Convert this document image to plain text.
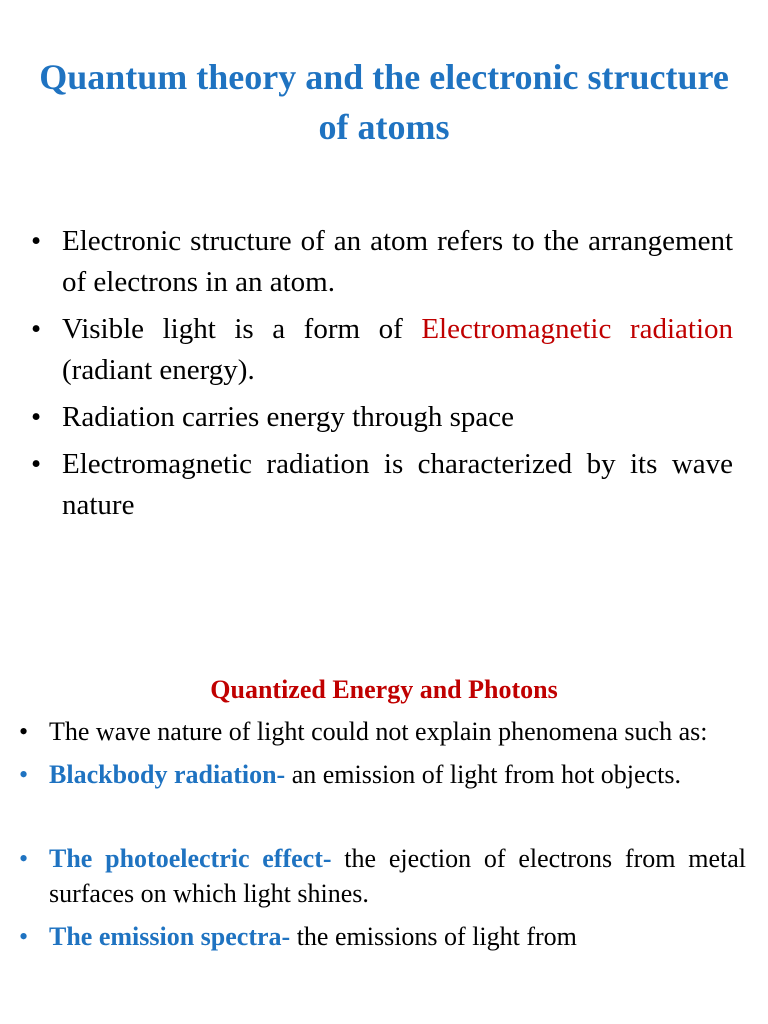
Quantum theory and the electronic structure of atoms
• Electronic structure of an atom refers to the arrangement of electrons in an atom.
• Visible light is a form of Electromagnetic radiation (radiant energy).
• Radiation carries energy through space
• Electromagnetic radiation is characterized by its wave nature
Quantized Energy and Photons
• The wave nature of light could not explain phenomena such as:
• Blackbody radiation- an emission of light from hot objects.
• The photoelectric effect- the ejection of electrons from metal surfaces on which light shines.
• The emission spectra- the emissions of light from
